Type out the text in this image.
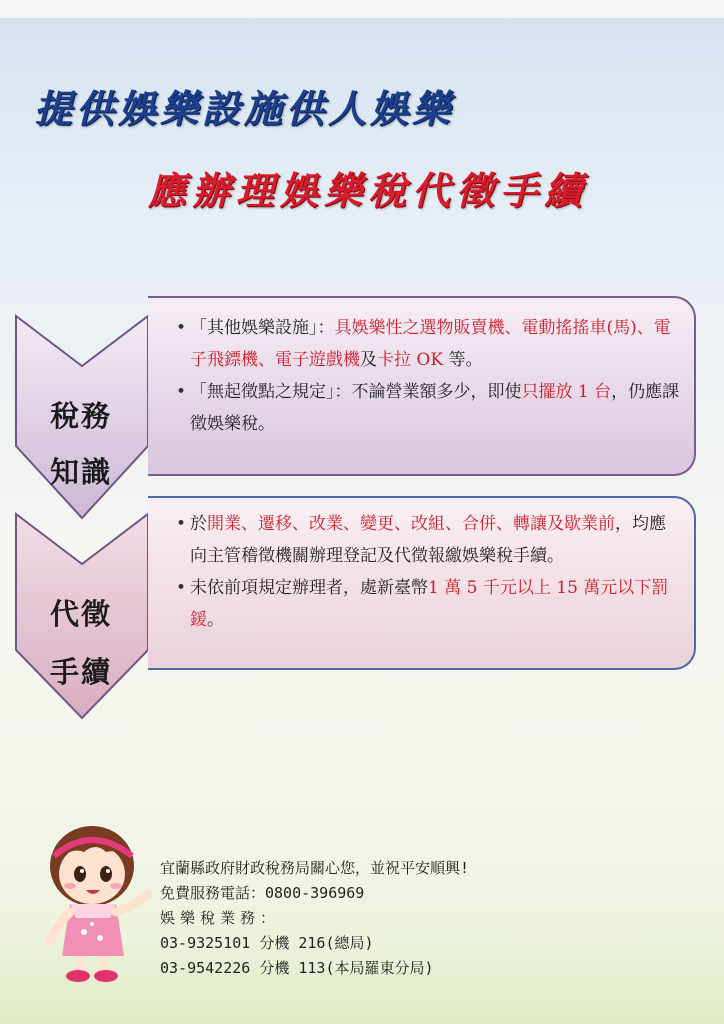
提供娛樂設施供人娛樂
應辦理娛樂稅代徵手續
稅務
知識
代徵
手續
• 「其他娛樂設施」：具娛樂性之選物販賣機、電動搖搖車(馬)、電子飛鏢機、電子遊戲機及卡拉 OK 等。
• 「無起徵點之規定」：不論營業額多少，即使只擺放 1 台，仍應課徵娛樂稅。
• 於開業、遷移、改業、變更、改組、合併、轉讓及歇業前，均應向主管稽徵機關辦理登記及代徵報繳娛樂稅手續。
• 未依前項規定辦理者，處新臺幣1 萬 5 千元以上 15 萬元以下罰鍰。
宜蘭縣政府財政稅務局關心您，並祝平安順興!
免費服務電話：0800-396969
娛樂稅業務：
03-9325101 分機 216(總局)
03-9542226 分機 113(本局羅東分局)
